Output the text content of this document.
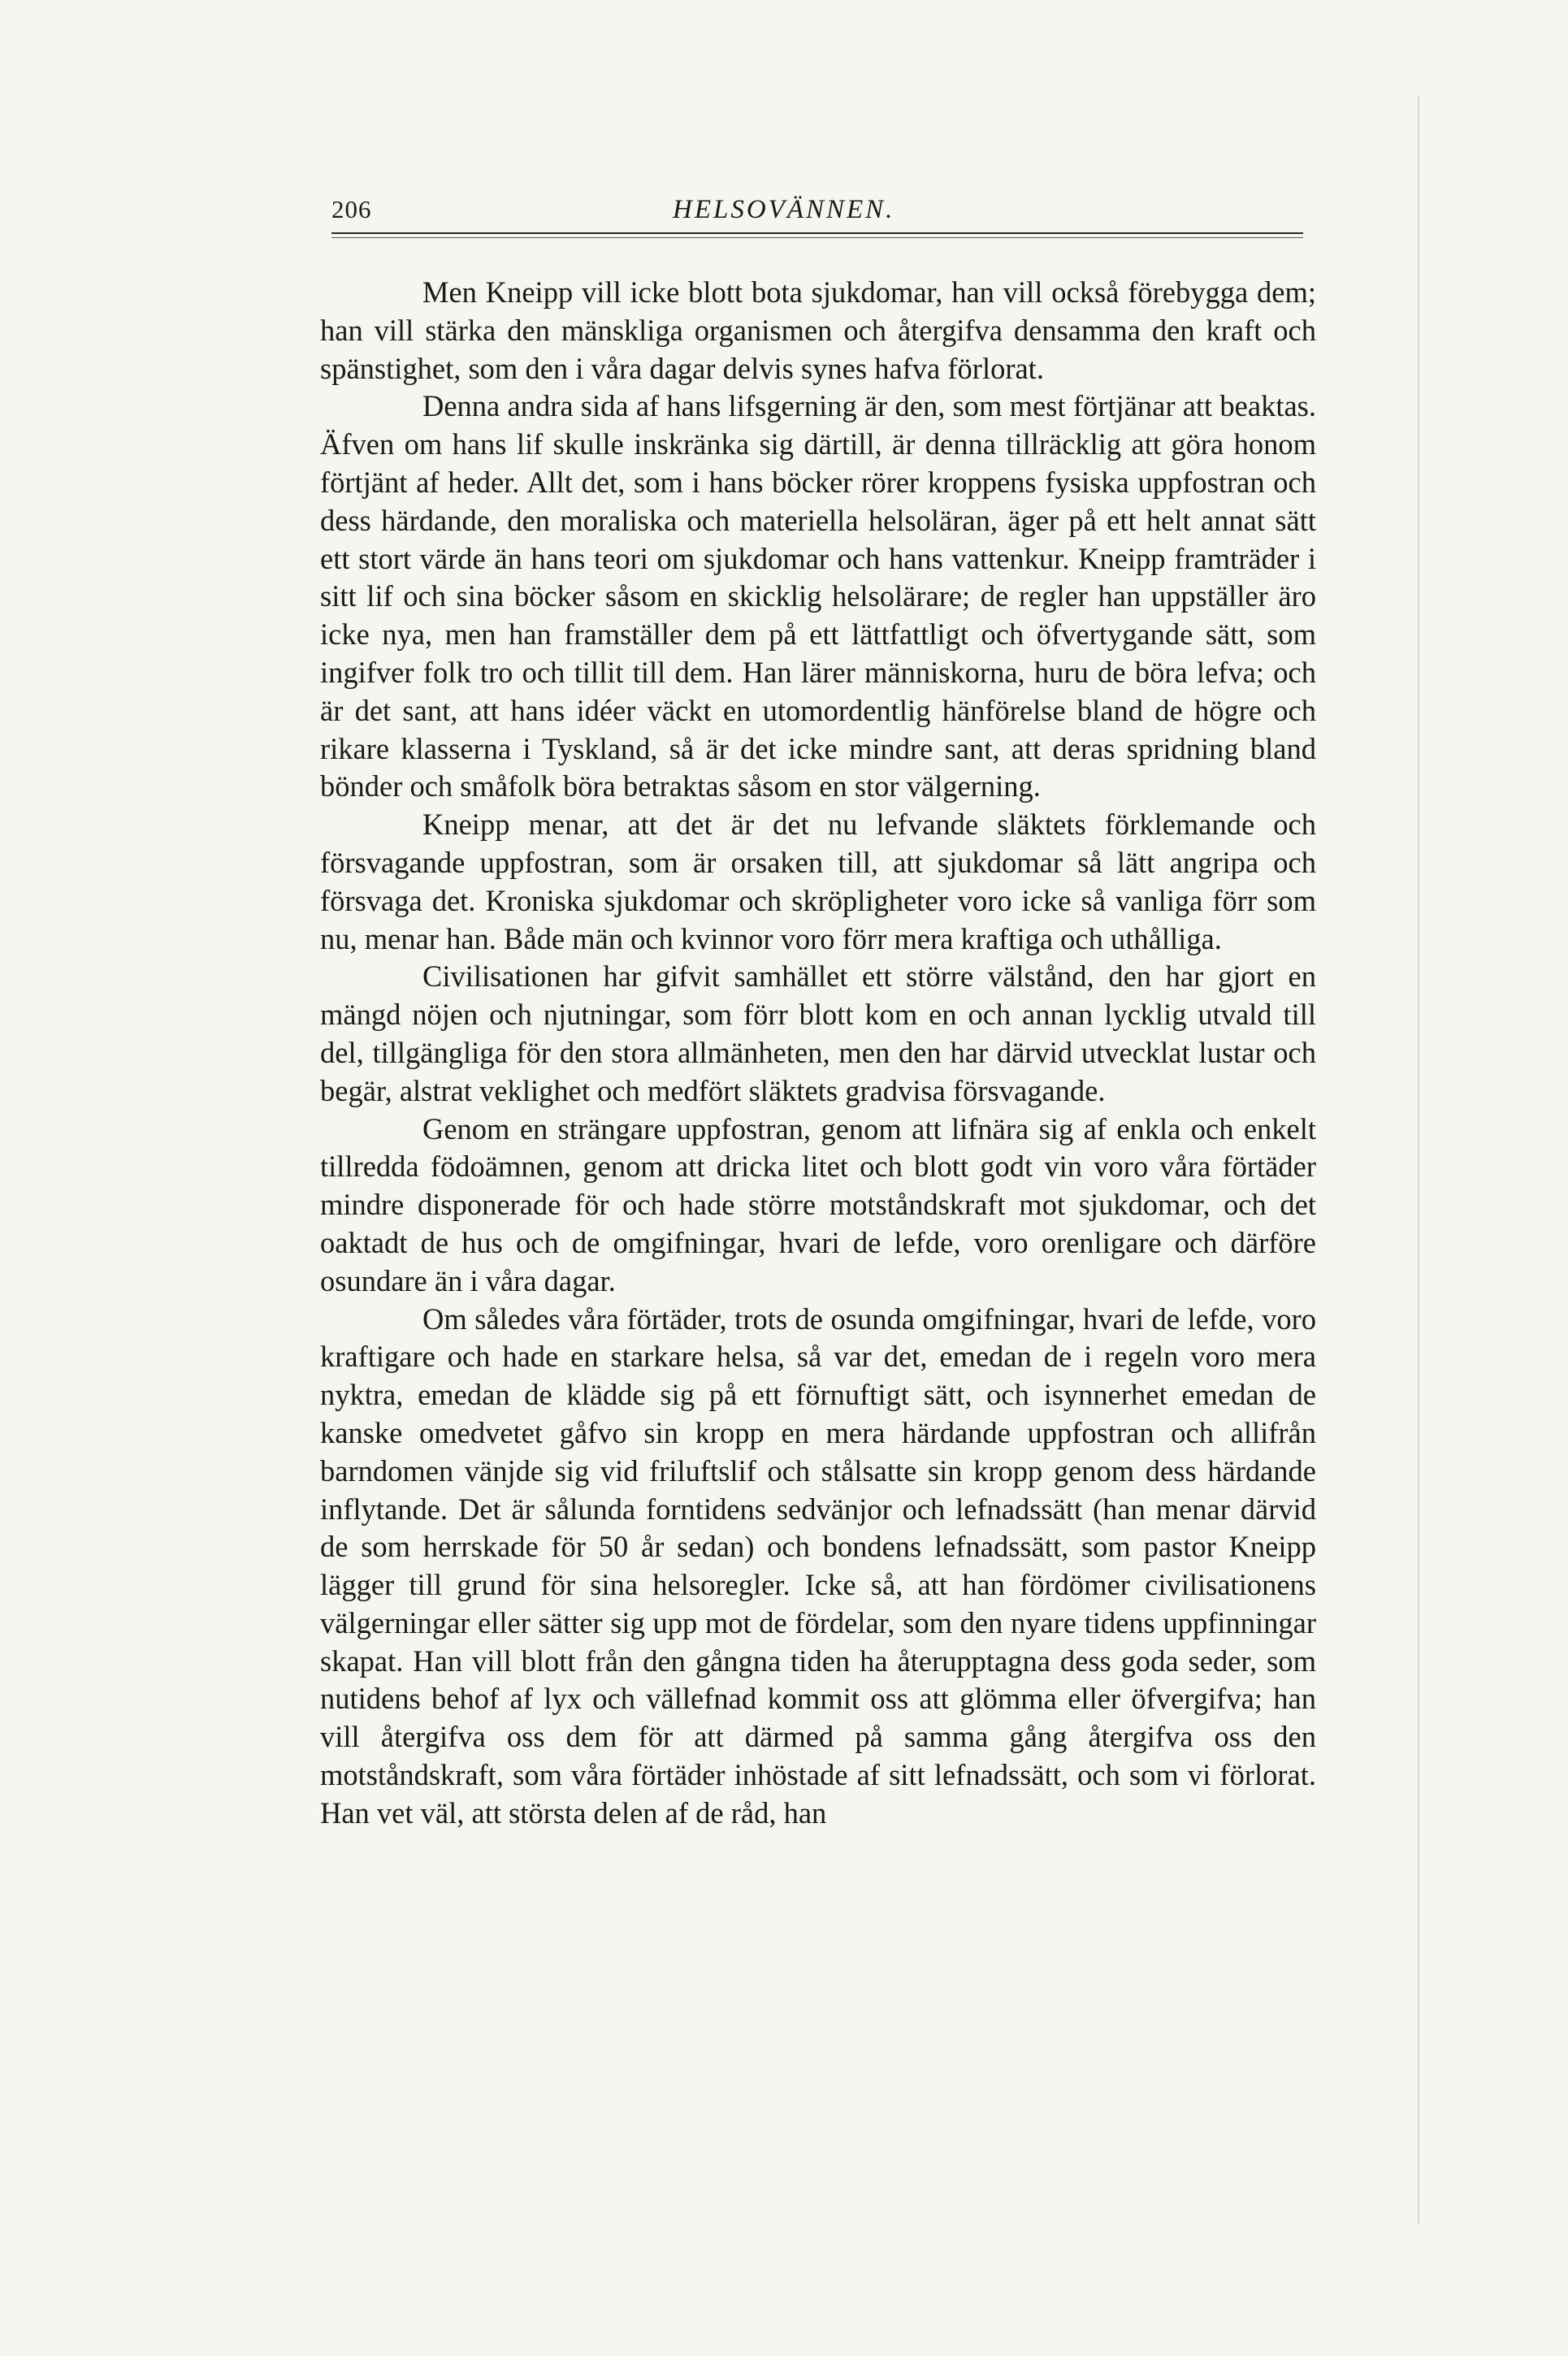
206	HELSOVÄNNEN.

Men Kneipp vill icke blott bota sjukdomar, han vill också förebygga dem; han vill stärka den mänskliga organismen och återgifva densamma den kraft och spänstighet, som den i våra dagar delvis synes hafva förlorat.

Denna andra sida af hans lifsgerning är den, som mest förtjänar att beaktas. Äfven om hans lif skulle inskränka sig därtill, är denna tillräcklig att göra honom förtjänt af heder. Allt det, som i hans böcker rörer kroppens fysiska uppfostran och dess härdande, den moraliska och materiella helsoläran, äger på ett helt annat sätt ett stort värde än hans teori om sjukdomar och hans vattenkur. Kneipp framträder i sitt lif och sina böcker såsom en skicklig helsolärare; de regler han uppställer äro icke nya, men han framställer dem på ett lättfattligt och öfvertygande sätt, som ingifver folk tro och tillit till dem. Han lärer människorna, huru de böra lefva; och är det sant, att hans idéer väckt en utomordentlig hänförelse bland de högre och rikare klasserna i Tyskland, så är det icke mindre sant, att deras spridning bland bönder och småfolk böra betraktas såsom en stor välgerning.

Kneipp menar, att det är det nu lefvande släktets förklemande och försvagande uppfostran, som är orsaken till, att sjukdomar så lätt angripa och försvaga det. Kroniska sjukdomar och skröpligheter voro icke så vanliga förr som nu, menar han. Både män och kvinnor voro förr mera kraftiga och uthålliga.

Civilisationen har gifvit samhället ett större välstånd, den har gjort en mängd nöjen och njutningar, som förr blott kom en och annan lycklig utvald till del, tillgängliga för den stora allmänheten, men den har därvid utvecklat lustar och begär, alstrat veklighet och medfört släktets gradvisa försvagande.

Genom en strängare uppfostran, genom att lifnära sig af enkla och enkelt tillredda födoämnen, genom att dricka litet och blott godt vin voro våra förtäder mindre disponerade för och hade större motståndskraft mot sjukdomar, och det oaktadt de hus och de omgifningar, hvari de lefde, voro orenligare och därföre osundare än i våra dagar.

Om således våra förtäder, trots de osunda omgifningar, hvari de lefde, voro kraftigare och hade en starkare helsa, så var det, emedan de i regeln voro mera nyktra, emedan de klädde sig på ett förnuftigt sätt, och isynnerhet emedan de kanske omedvetet gåfvo sin kropp en mera härdande uppfostran och allifrån barndomen vänjde sig vid friluftslif och stålsatte sin kropp genom dess härdande inflytande. Det är sålunda forntidens sedvänjor och lefnadssätt (han menar därvid de som herrskade för 50 år sedan) och bondens lefnadssätt, som pastor Kneipp lägger till grund för sina helsoregler. Icke så, att han fördömer civilisationens välgerningar eller sätter sig upp mot de fördelar, som den nyare tidens uppfinningar skapat. Han vill blott från den gångna tiden ha återupptagna dess goda seder, som nutidens behof af lyx och vällefnad kommit oss att glömma eller öfvergifva; han vill återgifva oss dem för att därmed på samma gång återgifva oss den motståndskraft, som våra förtäder inhöstade af sitt lefnadssätt, och som vi förlorat. Han vet väl, att största delen af de råd, han
